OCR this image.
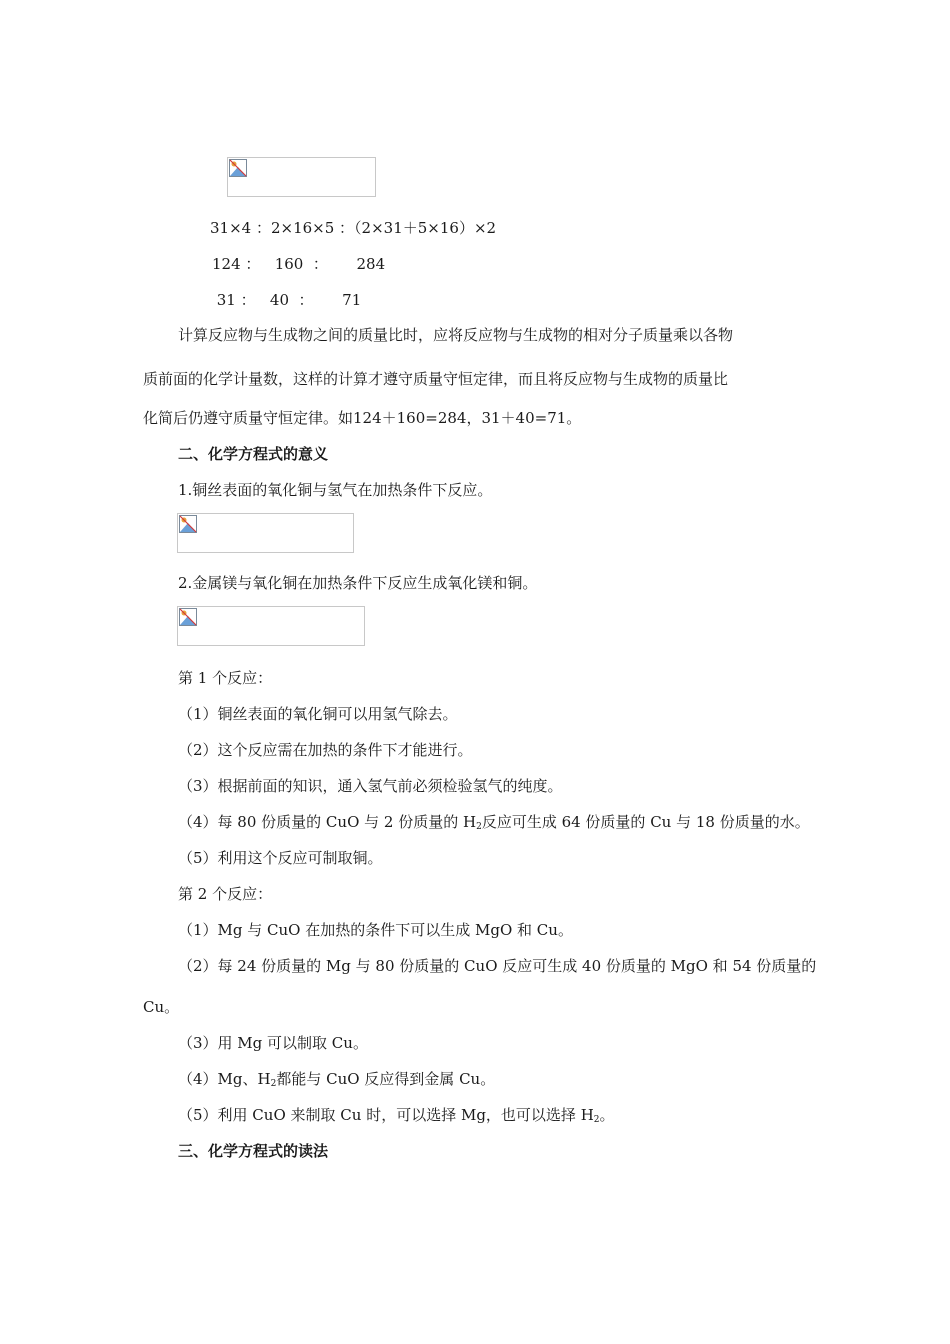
31×4 ：2×16×5 ：（2×31＋5×16）×2
124 ：   160  ：      284
31 ：   40  ：      71
计算反应物与生成物之间的质量比时，应将反应物与生成物的相对分子质量乘以各物
质前面的化学计量数，这样的计算才遵守质量守恒定律，而且将反应物与生成物的质量比
化简后仍遵守质量守恒定律。如124＋160=284，31＋40=71。
二、化学方程式的意义
1.铜丝表面的氧化铜与氢气在加热条件下反应。
2.金属镁与氧化铜在加热条件下反应生成氧化镁和铜。
第 1 个反应：
（1）铜丝表面的氧化铜可以用氢气除去。
（2）这个反应需在加热的条件下才能进行。
（3）根据前面的知识，通入氢气前必须检验氢气的纯度。
（4）每 80 份质量的 CuO 与 2 份质量的 $H_2$反应可生成 64 份质量的 Cu 与 18 份质量的水。
（5）利用这个反应可制取铜。
第 2 个反应：
（1）Mg 与 CuO 在加热的条件下可以生成 MgO 和 Cu。
（2）每 24 份质量的 Mg 与 80 份质量的 CuO 反应可生成 40 份质量的 MgO 和 54 份质量的
Cu。
（3）用 Mg 可以制取 Cu。
（4）Mg、$H_2$都能与 CuO 反应得到金属 Cu。
（5）利用 CuO 来制取 Cu 时，可以选择 Mg，也可以选择 $H_2$。
三、化学方程式的读法
